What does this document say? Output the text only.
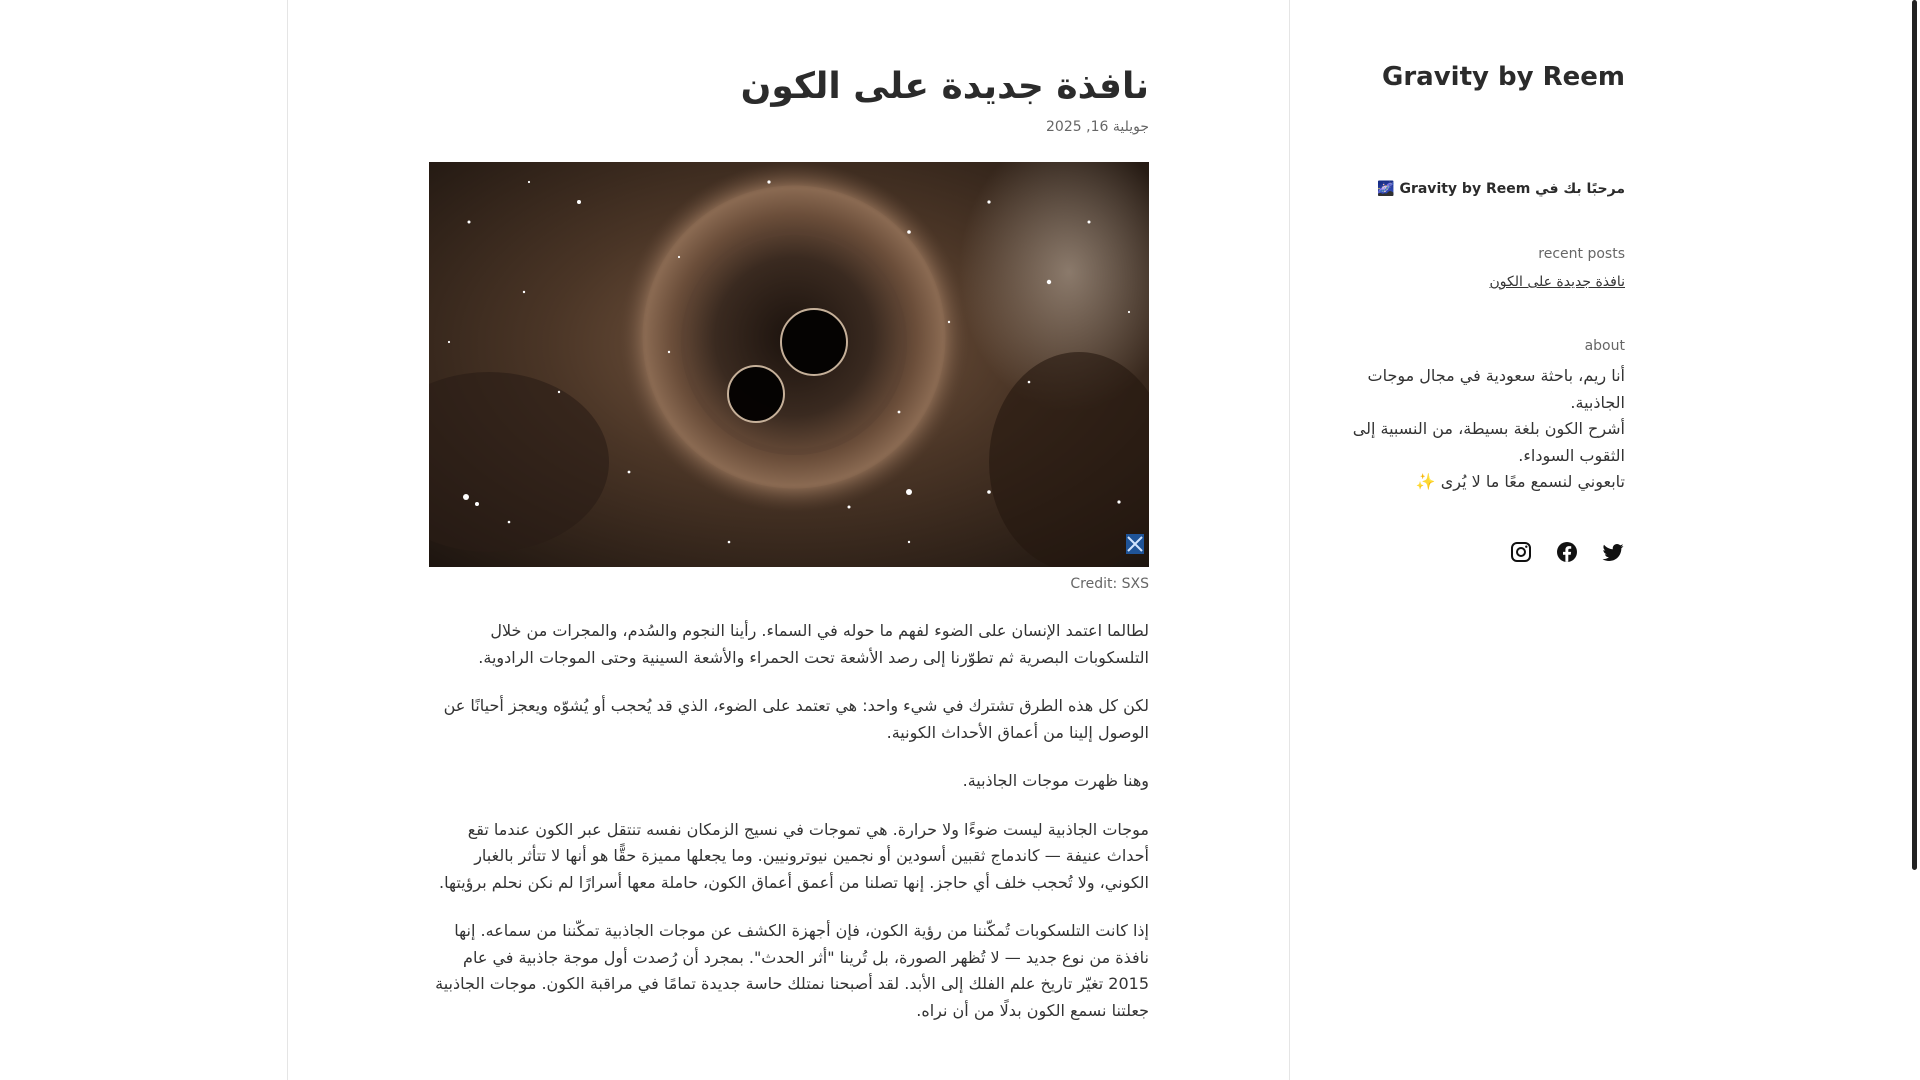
نافذة جديدة على الكون
جويلية 16, 2025
Credit: SXS

لطالما اعتمد الإنسان على الضوء لفهم ما حوله في السماء. رأينا النجوم والسُدم، والمجرات من خلال التلسكوبات البصرية ثم تطوّرنا إلى رصد الأشعة تحت الحمراء والأشعة السينية وحتى الموجات الرادوية.

لكن كل هذه الطرق تشترك في شيء واحد: هي تعتمد على الضوء، الذي قد يُحجب أو يُشوّه ويعجز أحيانًا عن الوصول إلينا من أعماق الأحداث الكونية.

وهنا ظهرت موجات الجاذبية.

موجات الجاذبية ليست ضوءًا ولا حرارة. هي تموجات في نسيج الزمكان نفسه تنتقل عبر الكون عندما تقع أحداث عنيفة — كاندماج ثقبين أسودين أو نجمين نيوترونيين. وما يجعلها مميزة حقًّا هو أنها لا تتأثر بالغبار الكوني، ولا تُحجب خلف أي حاجز. إنها تصلنا من أعمق أعماق الكون، حاملة معها أسرارًا لم نكن نحلم برؤيتها.

إذا كانت التلسكوبات تُمكّننا من رؤية الكون، فإن أجهزة الكشف عن موجات الجاذبية تمكّننا من سماعه. إنها نافذة من نوع جديد — لا تُظهر الصورة، بل تُرينا "أثر الحدث". بمجرد أن رُصدت أول موجة جاذبية في عام 2015 تغيّر تاريخ علم الفلك إلى الأبد. لقد أصبحنا نمتلك حاسة جديدة تمامًا في مراقبة الكون. موجات الجاذبية جعلتنا نسمع الكون بدلًا من أن نراه.

Gravity by Reem
مرحبًا بك في Gravity by Reem 🌌
recent posts
نافذة جديدة على الكون
about

أنا ريم، باحثة سعودية في مجال موجات الجاذبية.

أشرح الكون بلغة بسيطة، من النسبية إلى الثقوب السوداء.

تابعوني لنسمع معًا ما لا يُرى ✨
